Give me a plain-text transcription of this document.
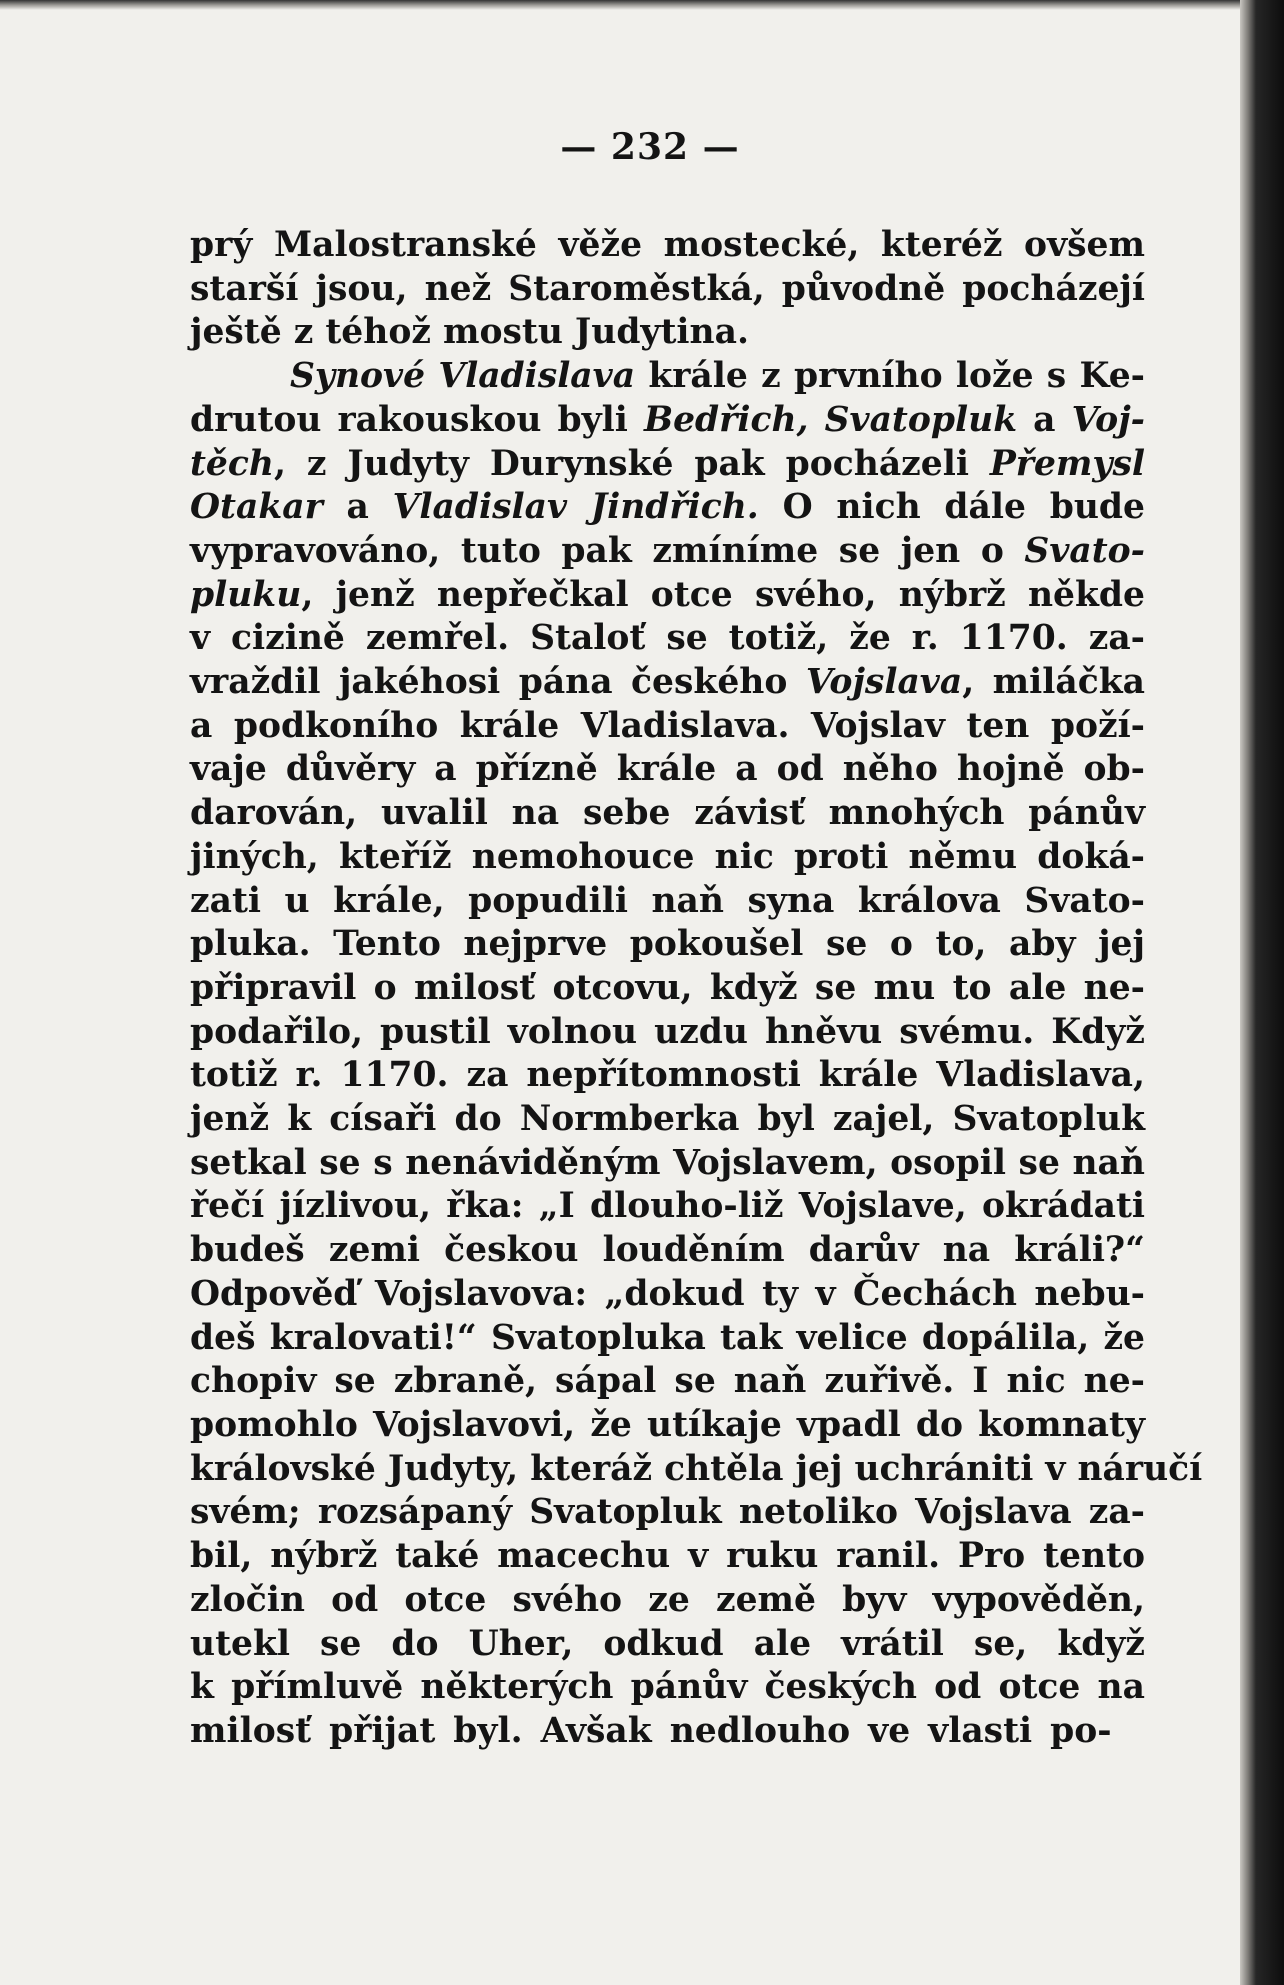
— 232 —
prý Malostranské věže mostecké, kteréž ovšem
starší jsou, než Staroměstká, původně pocházejí
ještě z téhož mostu Judytina.
Synové Vladislava krále z prvního lože s Ke-
drutou rakouskou byli Bedřich, Svatopluk a Voj-
těch, z Judyty Durynské pak pocházeli Přemysl
Otakar a Vladislav Jindřich. O nich dále bude
vypravováno, tuto pak zmíníme se jen o Svato-
pluku, jenž nepřečkal otce svého, nýbrž někde
v cizině zemřel. Staloť se totiž, že r. 1170. za-
vraždil jakéhosi pána českého Vojslava, miláčka
a podkoního krále Vladislava. Vojslav ten poží-
vaje důvěry a přízně krále a od něho hojně ob-
darován, uvalil na sebe závisť mnohých pánův
jiných, kteříž nemohouce nic proti němu doká-
zati u krále, popudili naň syna králova Svato-
pluka. Tento nejprve pokoušel se o to, aby jej
připravil o milosť otcovu, když se mu to ale ne-
podařilo, pustil volnou uzdu hněvu svému. Když
totiž r. 1170. za nepřítomnosti krále Vladislava,
jenž k císaři do Normberka byl zajel, Svatopluk
setkal se s nenáviděným Vojslavem, osopil se naň
řečí jízlivou, řka: „I dlouho-liž Vojslave, okrádati
budeš zemi českou louděním darův na králi?“
Odpověď Vojslavova: „dokud ty v Čechách nebu-
deš kralovati!“ Svatopluka tak velice dopálila, že
chopiv se zbraně, sápal se naň zuřivě. I nic ne-
pomohlo Vojslavovi, že utíkaje vpadl do komnaty
královské Judyty, kteráž chtěla jej uchrániti v náručí
svém; rozsápaný Svatopluk netoliko Vojslava za-
bil, nýbrž také macechu v ruku ranil. Pro tento
zločin od otce svého ze země byv vypověděn,
utekl se do Uher, odkud ale vrátil se, když
k přímluvě některých pánův českých od otce na
milosť přijat byl. Avšak nedlouho ve vlasti po-
